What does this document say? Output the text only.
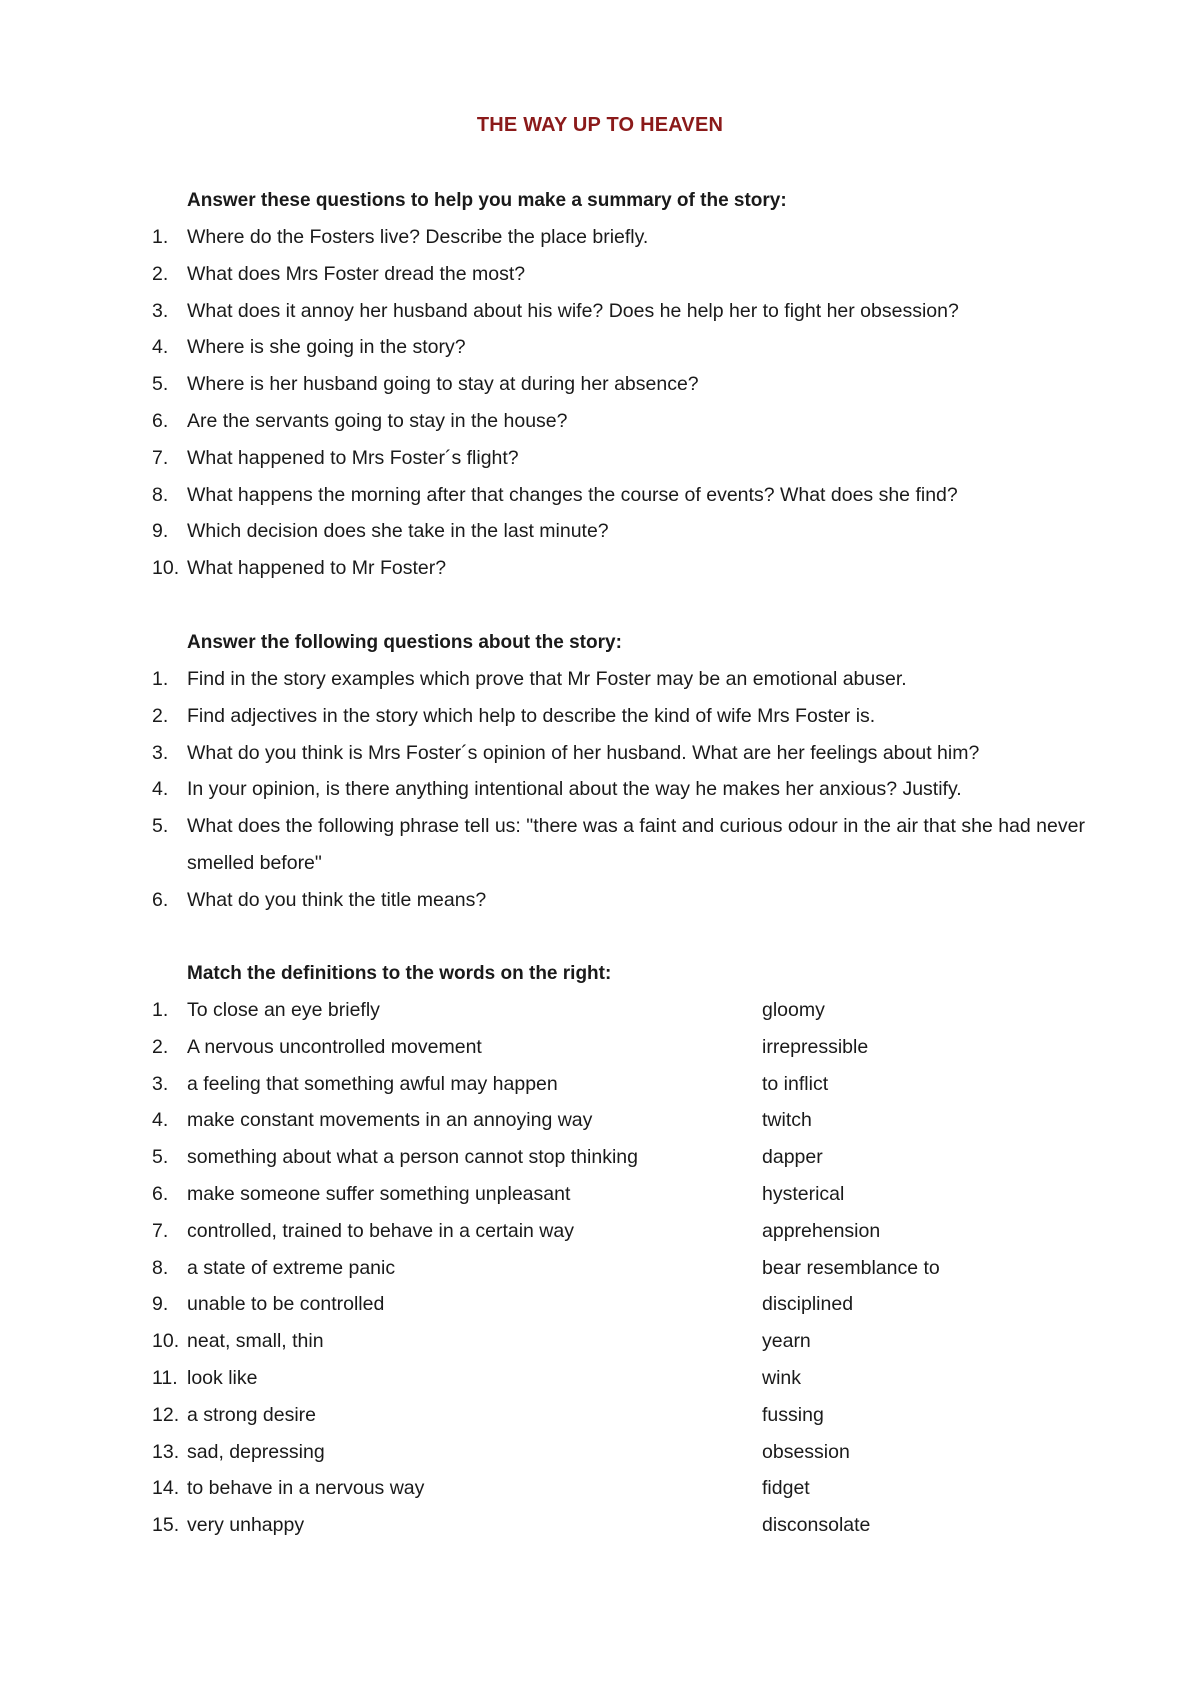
THE WAY UP TO HEAVEN
Answer these questions to help you make a summary of the story:
1. Where do the Fosters live? Describe the place briefly.
2. What does Mrs Foster dread the most?
3. What does it annoy her husband about his wife? Does he help her to fight her obsession?
4. Where is she going in the story?
5. Where is her husband going to stay at during her absence?
6. Are the servants going to stay in the house?
7. What happened to Mrs Foster´s flight?
8. What happens the morning after that changes the course of events? What does she find?
9. Which decision does she take in the last minute?
10. What happened to Mr Foster?
Answer the following questions about the story:
1. Find in the story examples which prove that Mr Foster may be an emotional abuser.
2. Find adjectives in the story which help to describe the kind of wife Mrs Foster is.
3. What do you think is Mrs Foster´s opinion of her husband. What are her feelings about him?
4. In your opinion, is there anything intentional about the way he makes her anxious? Justify.
5. What does the following phrase tell us: "there was a faint and curious odour in the air that she had never smelled before"
6. What do you think the title means?
Match the definitions to the words on the right:
1. To close an eye briefly	gloomy
2. A nervous uncontrolled movement	irrepressible
3. a feeling that something awful may happen	to inflict
4. make constant movements in an annoying way	twitch
5. something about what a person cannot stop thinking	dapper
6. make someone suffer something unpleasant	hysterical
7. controlled, trained to behave in a certain way	apprehension
8. a state of extreme panic	bear resemblance to
9. unable to be controlled	disciplined
10. neat, small, thin	yearn
11. look like	wink
12. a strong desire	fussing
13. sad, depressing	obsession
14. to behave in a nervous way	fidget
15. very unhappy	disconsolate
